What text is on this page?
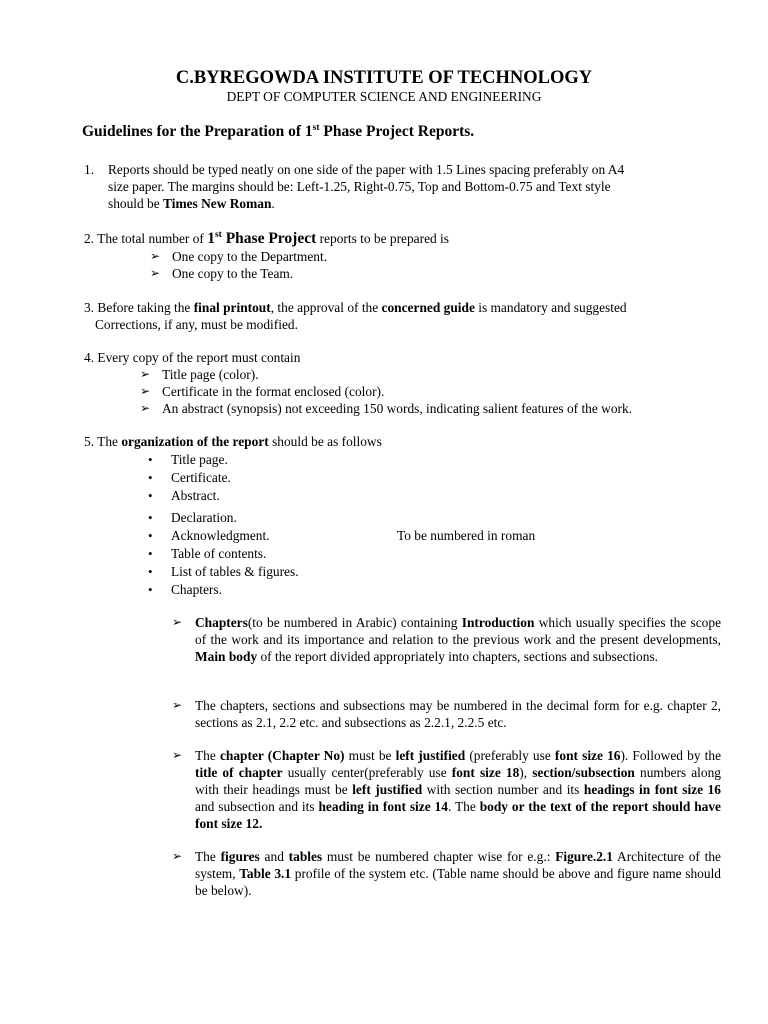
C.BYREGOWDA INSTITUTE OF TECHNOLOGY
DEPT OF COMPUTER SCIENCE AND ENGINEERING
Guidelines for the Preparation of 1st Phase Project Reports.
1. Reports should be typed neatly on one side of the paper with 1.5 Lines spacing preferably on A4
size paper. The margins should be: Left-1.25, Right-0.75, Top and Bottom-0.75 and Text style
should be Times New Roman.
2. The total number of 1st Phase Project reports to be prepared is
➢ One copy to the Department.
➢ One copy to the Team.
3. Before taking the final printout, the approval of the concerned guide is mandatory and suggested
Corrections, if any, must be modified.
4. Every copy of the report must contain
➢ Title page (color).
➢ Certificate in the format enclosed (color).
➢ An abstract (synopsis) not exceeding 150 words, indicating salient features of the work.
5. The organization of the report should be as follows
• Title page.
• Certificate.
• Abstract.
• Declaration.
• Acknowledgment.
• Table of contents.
• List of tables & figures.
• Chapters.
To be numbered in roman
➢ Chapters(to be numbered in Arabic) containing Introduction which usually specifies the scope of the work and its importance and relation to the previous work and the present developments, Main body of the report divided appropriately into chapters, sections and subsections.
➢ The chapters, sections and subsections may be numbered in the decimal form for e.g. chapter 2, sections as 2.1, 2.2 etc. and subsections as 2.2.1, 2.2.5 etc.
➢ The chapter (Chapter No) must be left justified (preferably use font size 16). Followed by the title of chapter usually center(preferably use font size 18), section/subsection numbers along with their headings must be left justified with section number and its headings in font size 16 and subsection and its heading in font size 14. The body or the text of the report should have font size 12.
➢ The figures and tables must be numbered chapter wise for e.g.: Figure.2.1 Architecture of the system, Table 3.1 profile of the system etc. (Table name should be above and figure name should be below).
